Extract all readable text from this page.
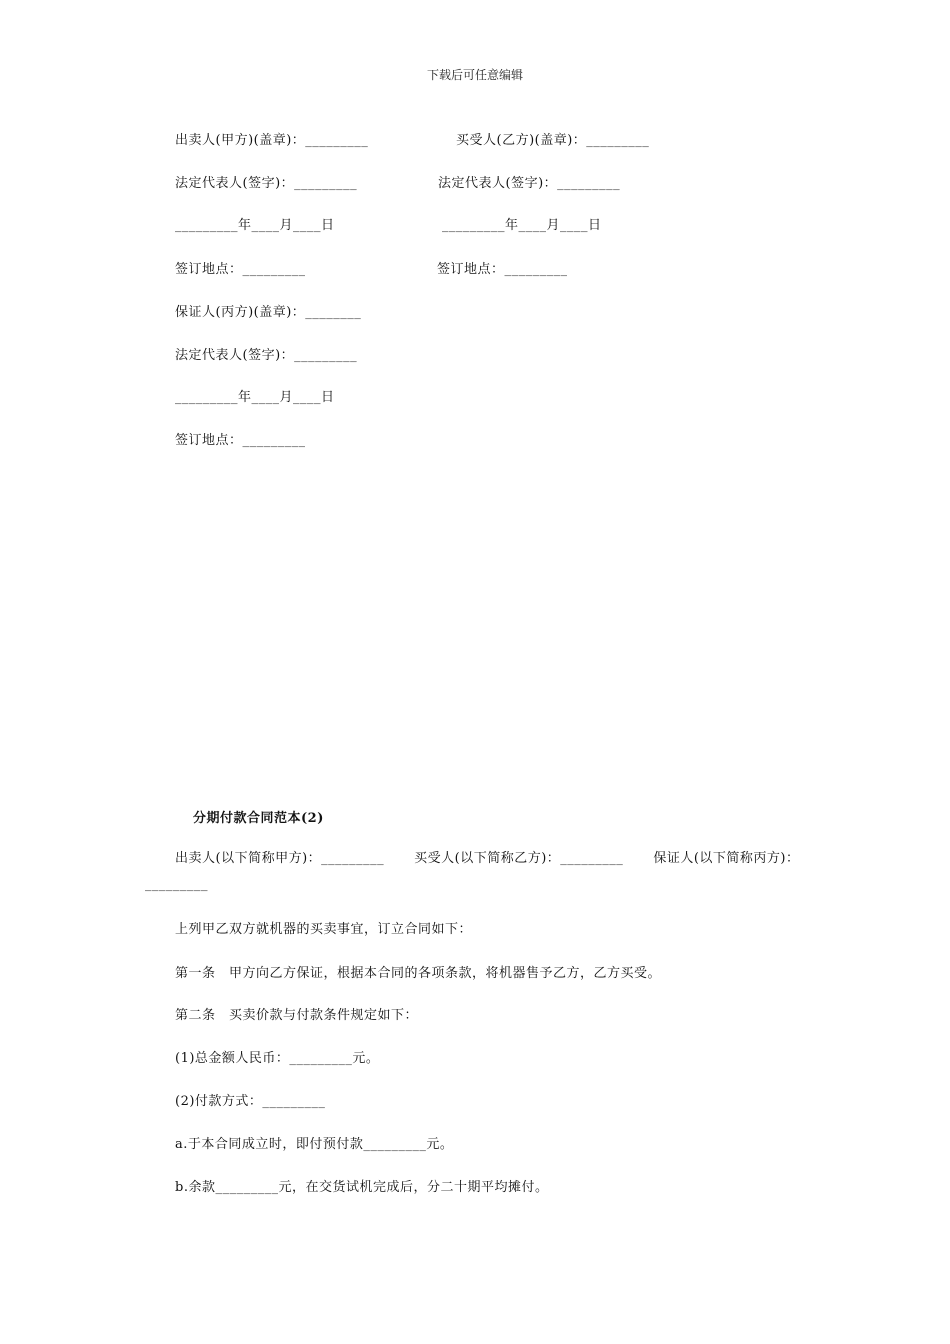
下载后可任意编辑
出卖人(甲方)(盖章)：_________	买受人(乙方)(盖章)：_________
法定代表人(签字)：_________	法定代表人(签字)：_________
_________年____月____日	_________年____月____日
签订地点：_________	签订地点：_________
保证人(丙方)(盖章)：________
法定代表人(签字)：_________
_________年____月____日
签订地点：_________
分期付款合同范本(2)
出卖人(以下简称甲方)：_________ 买受人(以下简称乙方)：_________ 保证人(以下简称丙方)：_________
上列甲乙双方就机器的买卖事宜，订立合同如下：
第一条　甲方向乙方保证，根据本合同的各项条款，将机器售予乙方，乙方买受。
第二条　买卖价款与付款条件规定如下：
(1)总金额人民币：_________元。
(2)付款方式：_________
a.于本合同成立时，即付预付款_________元。
b.余款_________元，在交货试机完成后，分二十期平均摊付。
